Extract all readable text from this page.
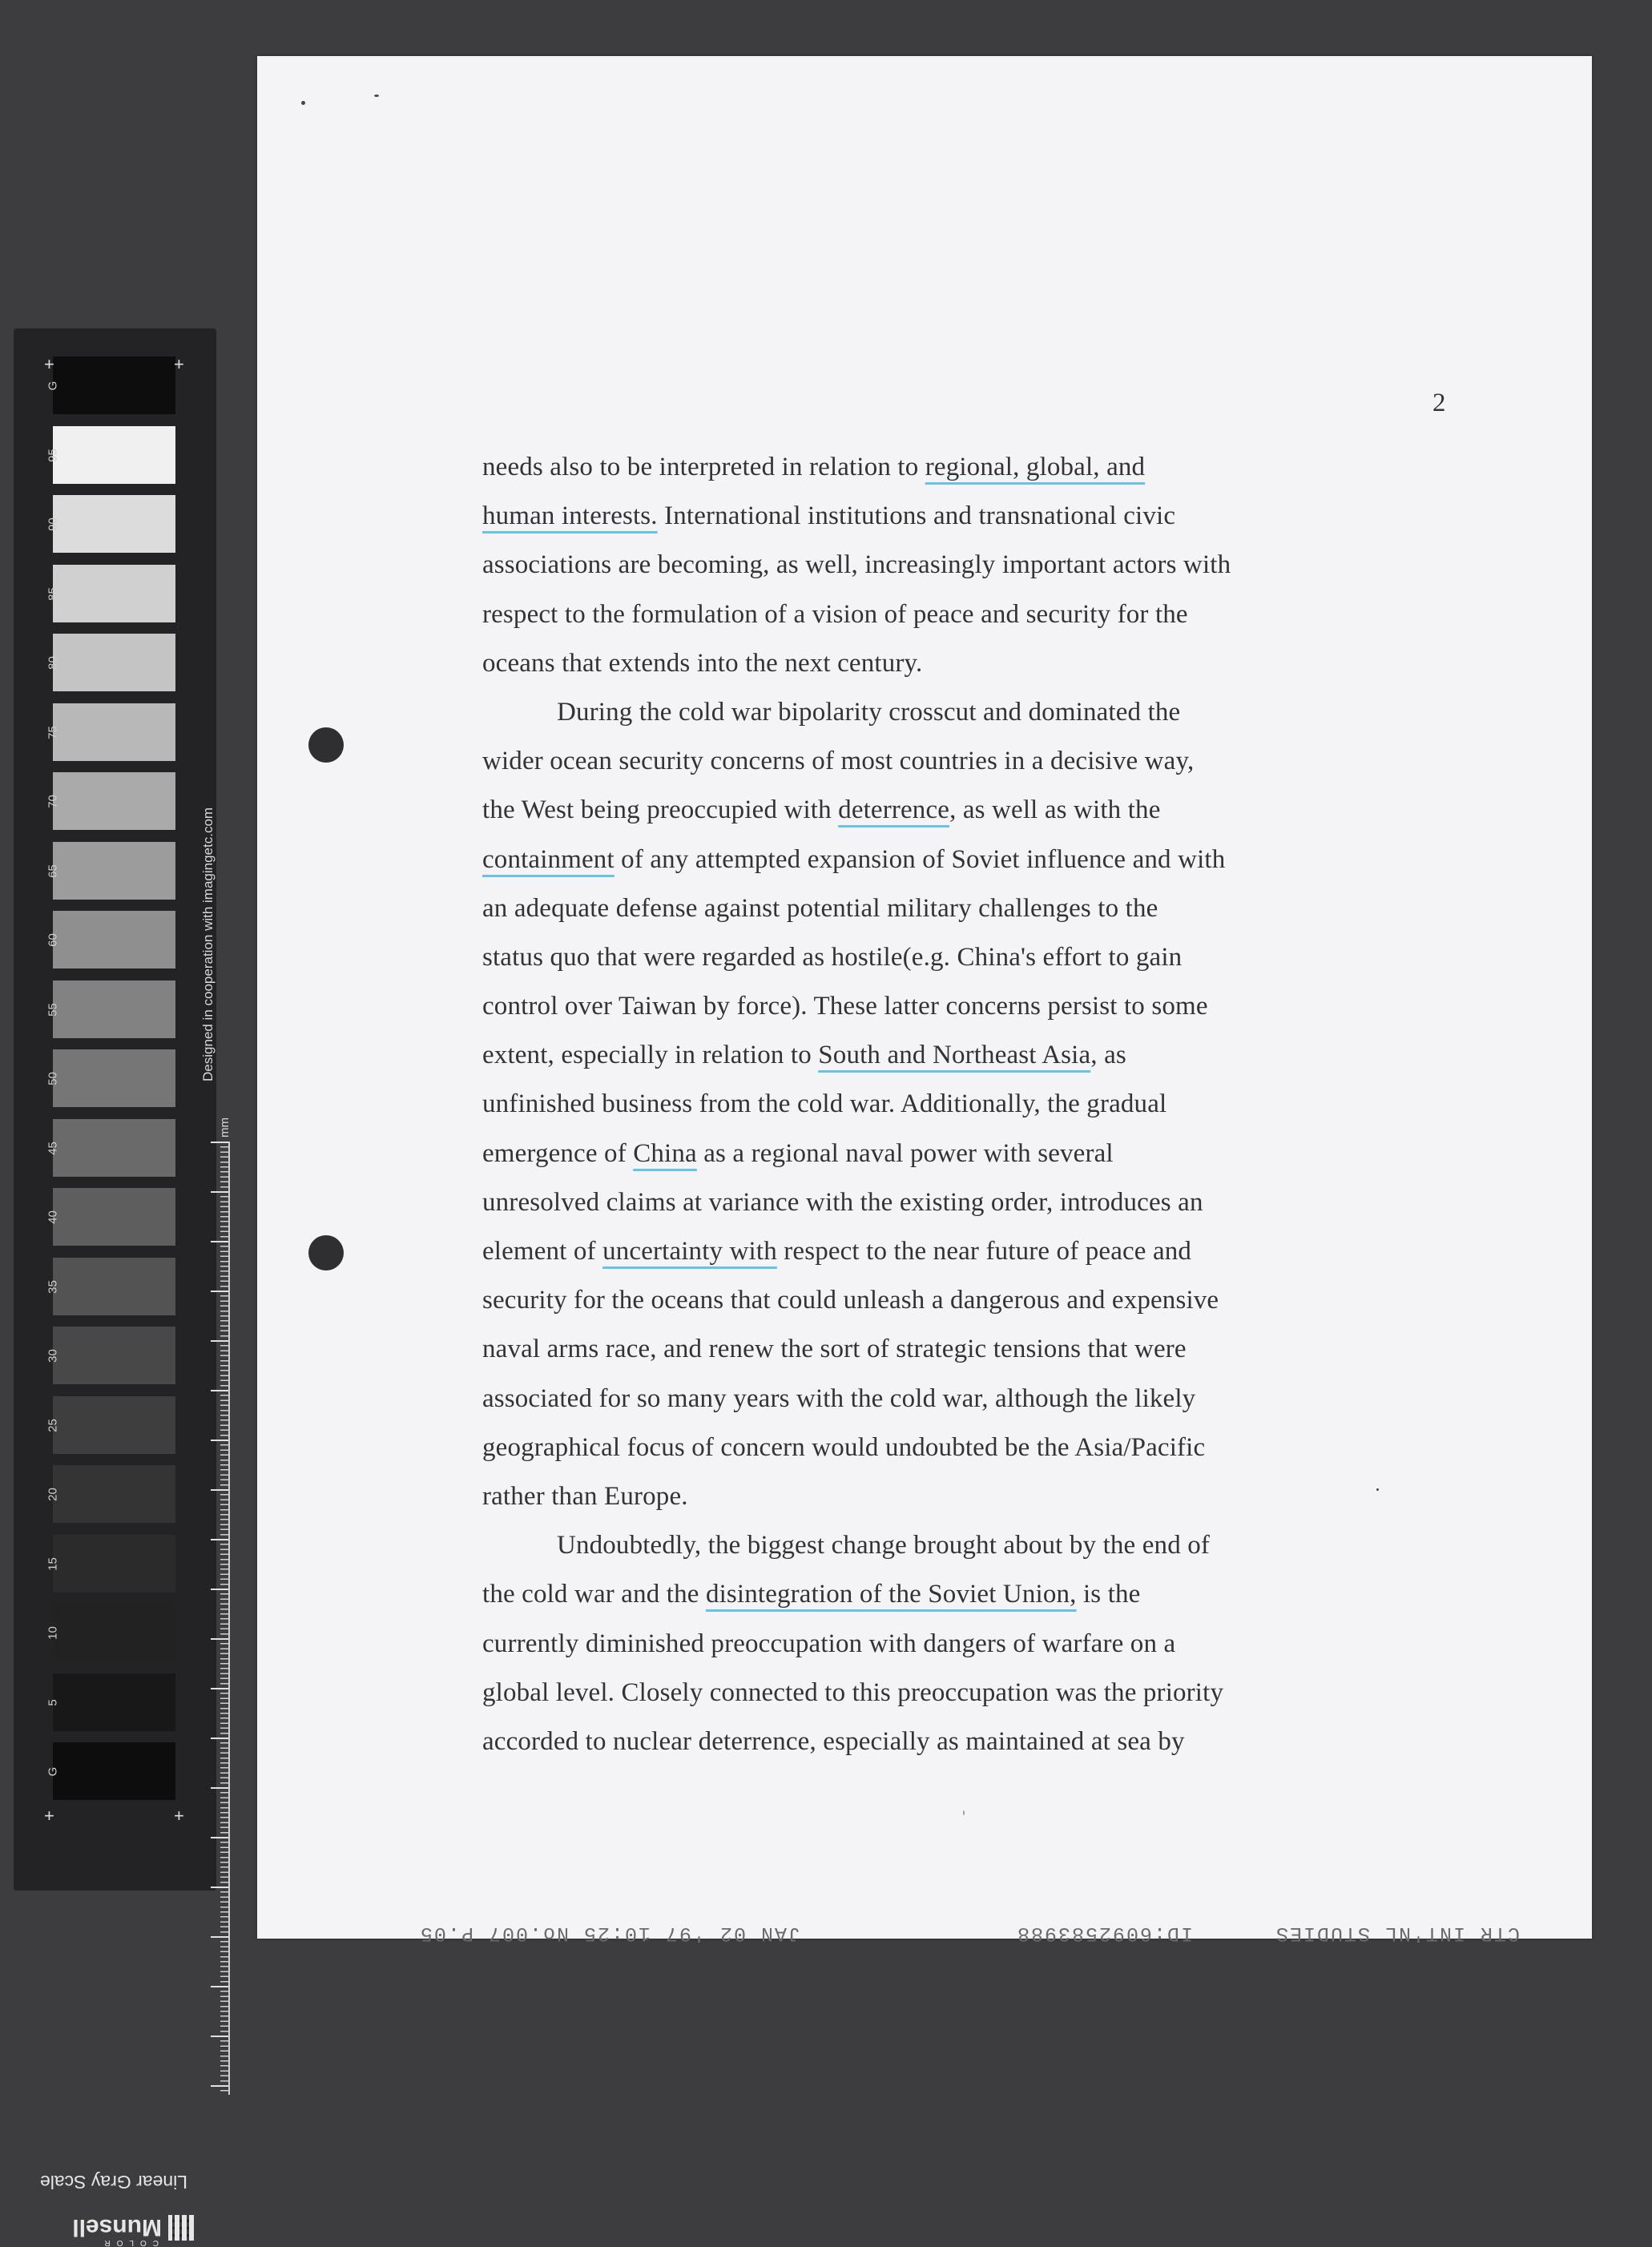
G
95
90
85
80
75
70
65
60
55
50
45
40
35
30
25
20
15
10
5
G
+	+
+	+
Designed in cooperation with imagingetc.com
mm
Linear Gray Scale
COLOR
Munsell
2
needs also to be interpreted in relation to regional, global, and
human interests. International institutions and transnational civic
associations are becoming, as well, increasingly important actors with
respect to the formulation of a vision of peace and security for the
oceans that extends into the next century.
During the cold war bipolarity crosscut and dominated the
wider ocean security concerns of most countries in a decisive way,
the West being preoccupied with deterrence, as well as with the
containment of any attempted expansion of Soviet influence and with
an adequate defense against potential military challenges to the
status quo that were regarded as hostile(e.g. China's effort to gain
control over Taiwan by force). These latter concerns persist to some
extent, especially in relation to South and Northeast Asia, as
unfinished business from the cold war. Additionally, the gradual
emergence of China as a regional naval power with several
unresolved claims at variance with the existing order, introduces an
element of uncertainty with respect to the near future of peace and
security for the oceans that could unleash a dangerous and expensive
naval arms race, and renew the sort of strategic tensions that were
associated for so many years with the cold war, although the likely
geographical focus of concern would undoubted be the Asia/Pacific
rather than Europe.
Undoubtedly, the biggest change brought about by the end of
the cold war and the disintegration of the Soviet Union, is the
currently diminished preoccupation with dangers of warfare on a
global level. Closely connected to this preoccupation was the priority
accorded to nuclear deterrence, especially as maintained at sea by
CTR INT'NL STUDIES
ID:6092583988
JAN 02 '97 10:25 No.007 P.05
